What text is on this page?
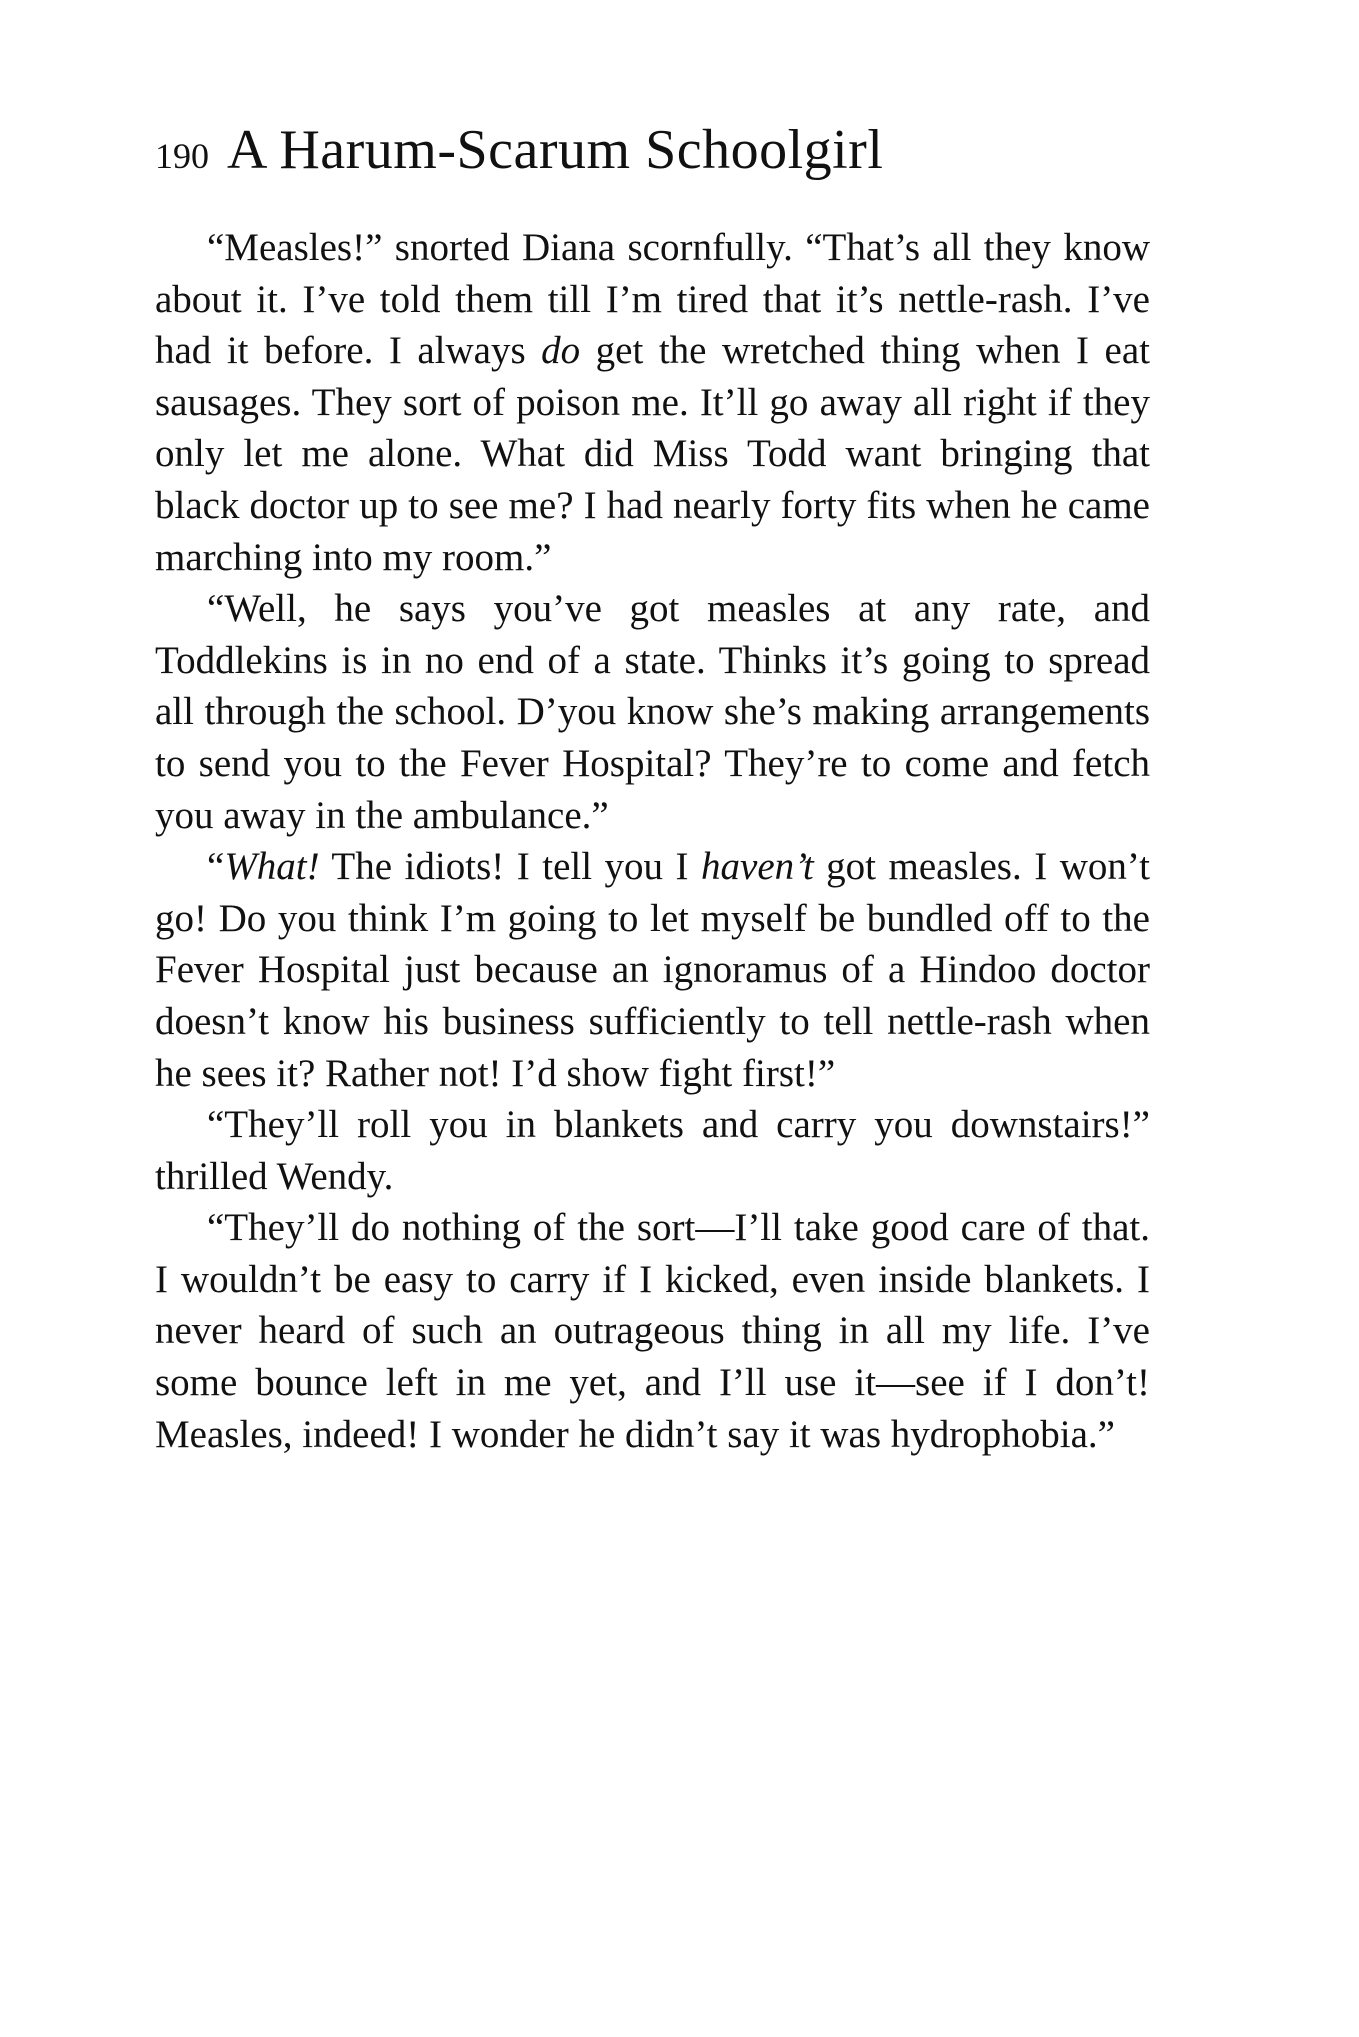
190 A Harum-Scarum Schoolgirl

“Measles!” snorted Diana scornfully. “That’s all they know about it. I’ve told them till I’m tired that it’s nettle-rash. I’ve had it before. I always do get the wretched thing when I eat sausages. They sort of poison me. It’ll go away all right if they only let me alone. What did Miss Todd want bringing that black doctor up to see me? I had nearly forty fits when he came marching into my room.”

“Well, he says you’ve got measles at any rate, and Toddlekins is in no end of a state. Thinks it’s going to spread all through the school. D’you know she’s making arrangements to send you to the Fever Hospital? They’re to come and fetch you away in the ambulance.”

“What! The idiots! I tell you I haven’t got measles. I won’t go! Do you think I’m going to let myself be bundled off to the Fever Hospital just because an ignoramus of a Hindoo doctor doesn’t know his business sufficiently to tell nettle-rash when he sees it? Rather not! I’d show fight first!”

“They’ll roll you in blankets and carry you downstairs!” thrilled Wendy.

“They’ll do nothing of the sort—I’ll take good care of that. I wouldn’t be easy to carry if I kicked, even inside blankets. I never heard of such an outrageous thing in all my life. I’ve some bounce left in me yet, and I’ll use it—see if I don’t! Measles, indeed! I wonder he didn’t say it was hydrophobia.”
